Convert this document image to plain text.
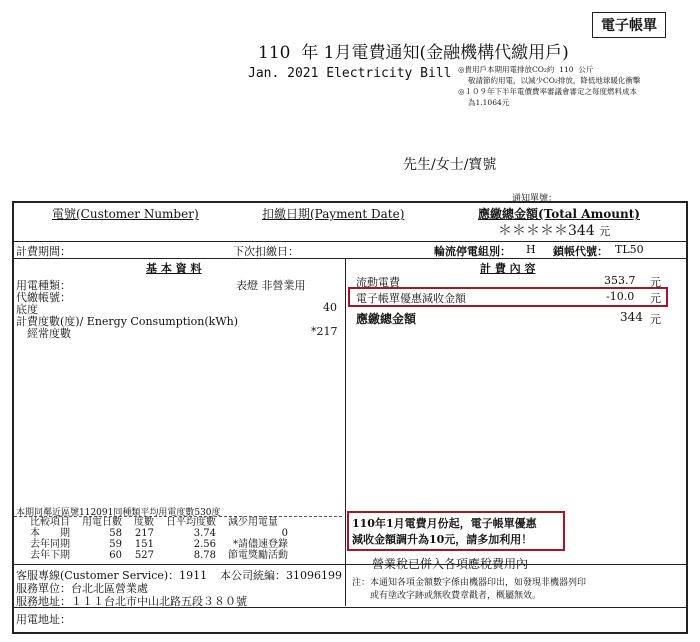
電子帳單
110 年 1月電費通知(金融機構代繳用戶)
Jan. 2021 Electricity Bill ◎貴用戶本期用電排放CO₂約 110 公斤
敬請節約用電，以減少CO₂排放，降低地球暖化衝擊
◎１０９年下半年電價費率審議會審定之每度燃料成本
為1.1064元
先生/女士/寶號
通知單號：
電號(Customer Number)	扣繳日期(Payment Date)	應繳總金額(Total Amount)
＊＊＊＊＊344 元
計費期間：	下次扣繳日：	輪流停電組別： H 鎖帳代號： TL50
基 本 資 料
用電種類：	表燈 非營業用
代繳帳號：
底度	40
計費度數(度)/ Energy Consumption(kWh)
經常度數	*217
計 費 內 容
流動電費	353.7 元
電子帳單優惠減收金額	-10.0 元
應繳總金額	344 元
本期同鄰近區號112091同種類平均用電度數530度
比較項目	用電日數	度數	日平均度數	減少用電量
本　　期	58	217	3.74	0
去年同期	59	151	2.56	*請儘速登錄
去年下期	60	527	8.78	節電獎勵活動
110年1月電費月份起，電子帳單優惠
減收金額調升為10元，請多加利用！
營業稅已併入各項應稅費用內
客服專線(Customer Service)：1911 本公司統編：31096199
服務單位：台北北區營業處
服務地址：１１１台北市中山北路五段３８０號
注：本通知各項金額數字係由機器印出，如發現非機器列印
　　或有塗改字跡或無收費章戳者，概屬無效。
用電地址：
